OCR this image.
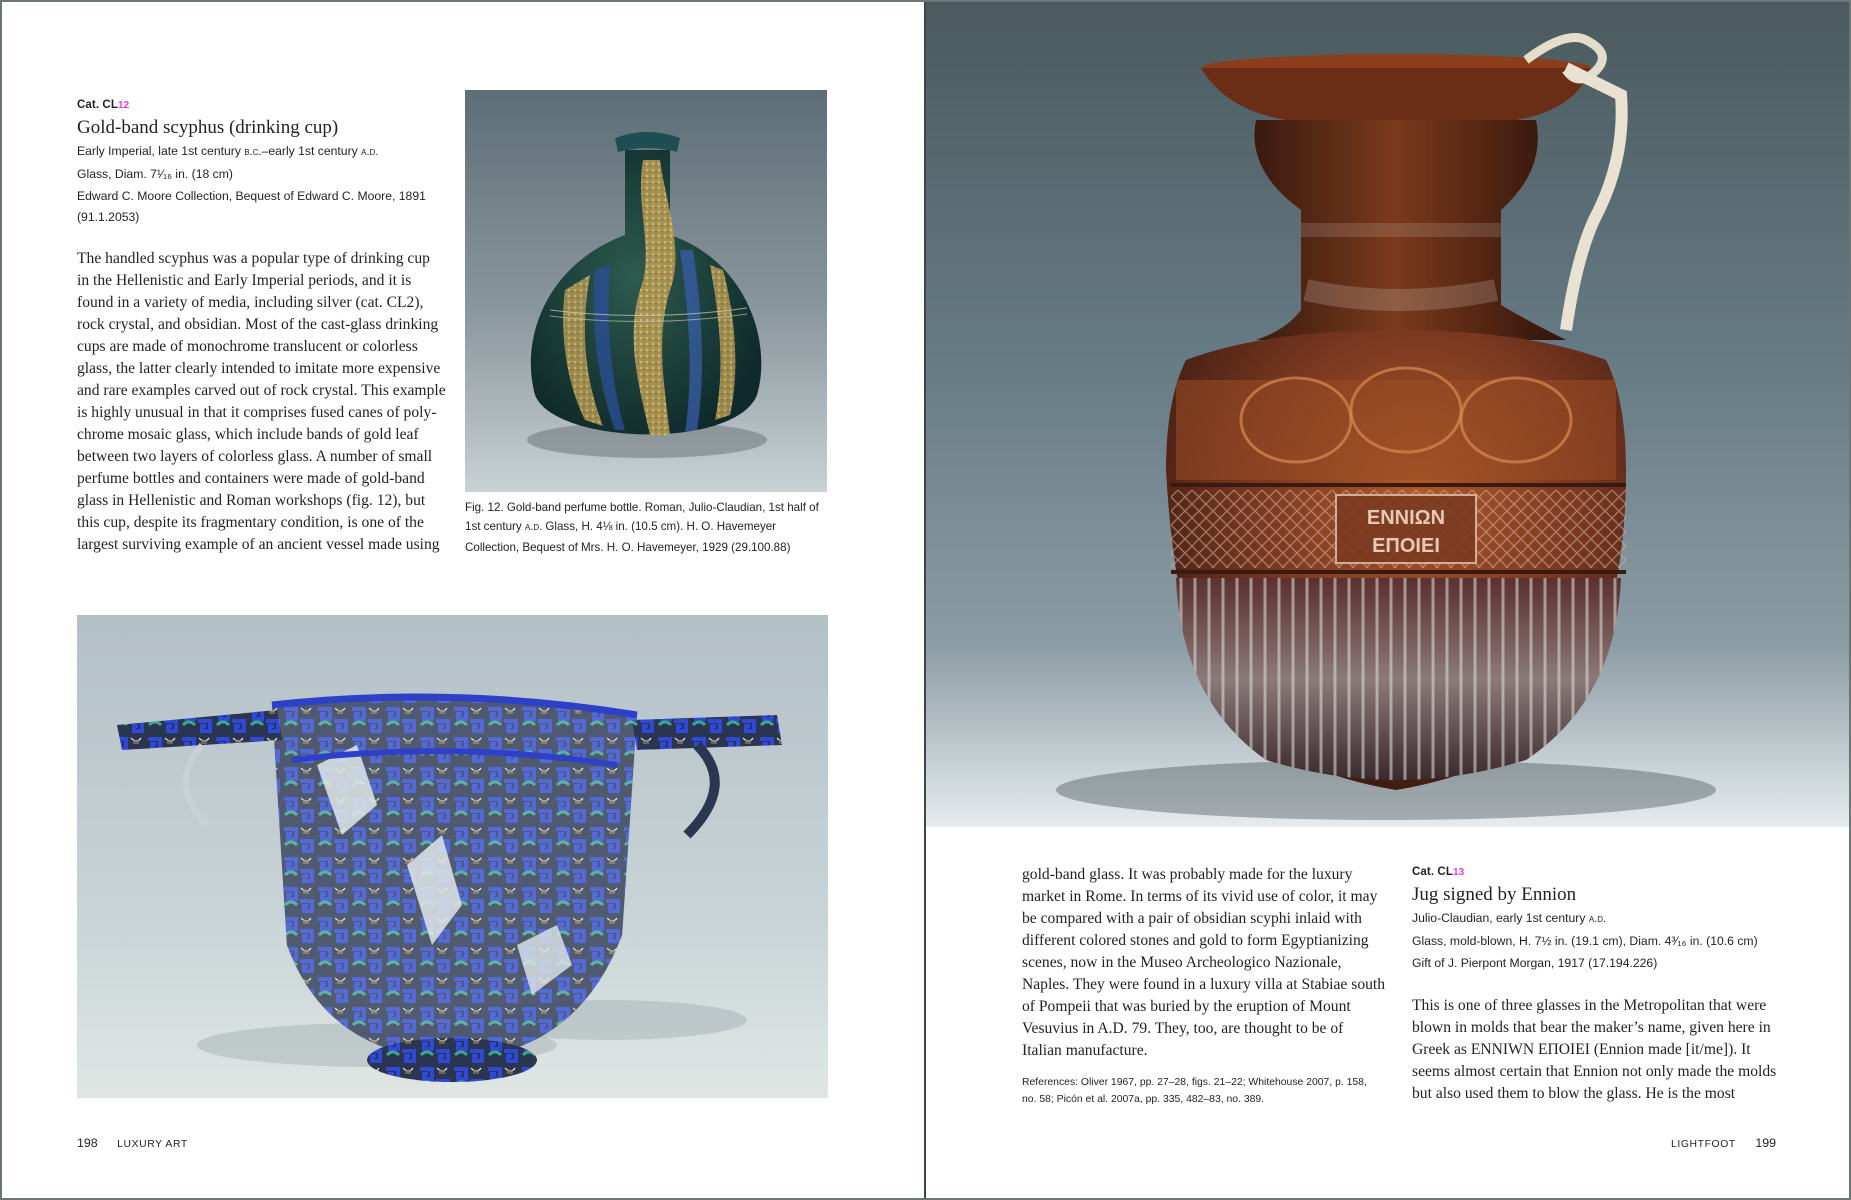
Cat. CL12
Gold-band scyphus (drinking cup)
Early Imperial, late 1st century b.c.–early 1st century a.d.
Glass, Diam. 7¹⁄₁₆ in. (18 cm)
Edward C. Moore Collection, Bequest of Edward C. Moore, 1891
(91.1.2053)

The handled scyphus was a popular type of drinking cup

in the Hellenistic and Early Imperial periods, and it is

found in a variety of media, including silver (cat. CL2),

rock crystal, and obsidian. Most of the cast-glass drinking

cups are made of monochrome translucent or colorless

glass, the latter clearly intended to imitate more expensive

and rare examples carved out of rock crystal. This example

is highly unusual in that it comprises fused canes of poly-

chrome mosaic glass, which include bands of gold leaf

between two layers of colorless glass. A number of small

perfume bottles and containers were made of gold-band

glass in Hellenistic and Roman workshops (fig. 12), but

this cup, despite its fragmentary condition, is one of the

largest surviving example of an ancient vessel made using

Fig. 12. Gold-band perfume bottle. Roman, Julio-Claudian, 1st half of
1st century a.d. Glass, H. 4⅛ in. (10.5 cm). H. O. Havemeyer
Collection, Bequest of Mrs. H. O. Havemeyer, 1929 (29.100.88)
198 LUXURY ART
ΕΝΝΙΩΝ
ΕΠΟΙΕΙ

gold-band glass. It was probably made for the luxury

market in Rome. In terms of its vivid use of color, it may

be compared with a pair of obsidian scyphi inlaid with

different colored stones and gold to form Egyptianizing

scenes, now in the Museo Archeologico Nazionale,

Naples. They were found in a luxury villa at Stabiae south

of Pompeii that was buried by the eruption of Mount

Vesuvius in A.D. 79. They, too, are thought to be of

Italian manufacture.

References: Oliver 1967, pp. 27–28, figs. 21–22; Whitehouse 2007, p. 158,
no. 58; Picón et al. 2007a, pp. 335, 482–83, no. 389.
Cat. CL13
Jug signed by Ennion
Julio-Claudian, early 1st century a.d.
Glass, mold-blown, H. 7½ in. (19.1 cm), Diam. 4³⁄₁₆ in. (10.6 cm)
Gift of J. Pierpont Morgan, 1917 (17.194.226)

This is one of three glasses in the Metropolitan that were

blown in molds that bear the maker’s name, given here in

Greek as ENNIWN ΕΠΟΙΕΙ (Ennion made [it/me]). It

seems almost certain that Ennion not only made the molds

but also used them to blow the glass. He is the most

LIGHTFOOT 199
